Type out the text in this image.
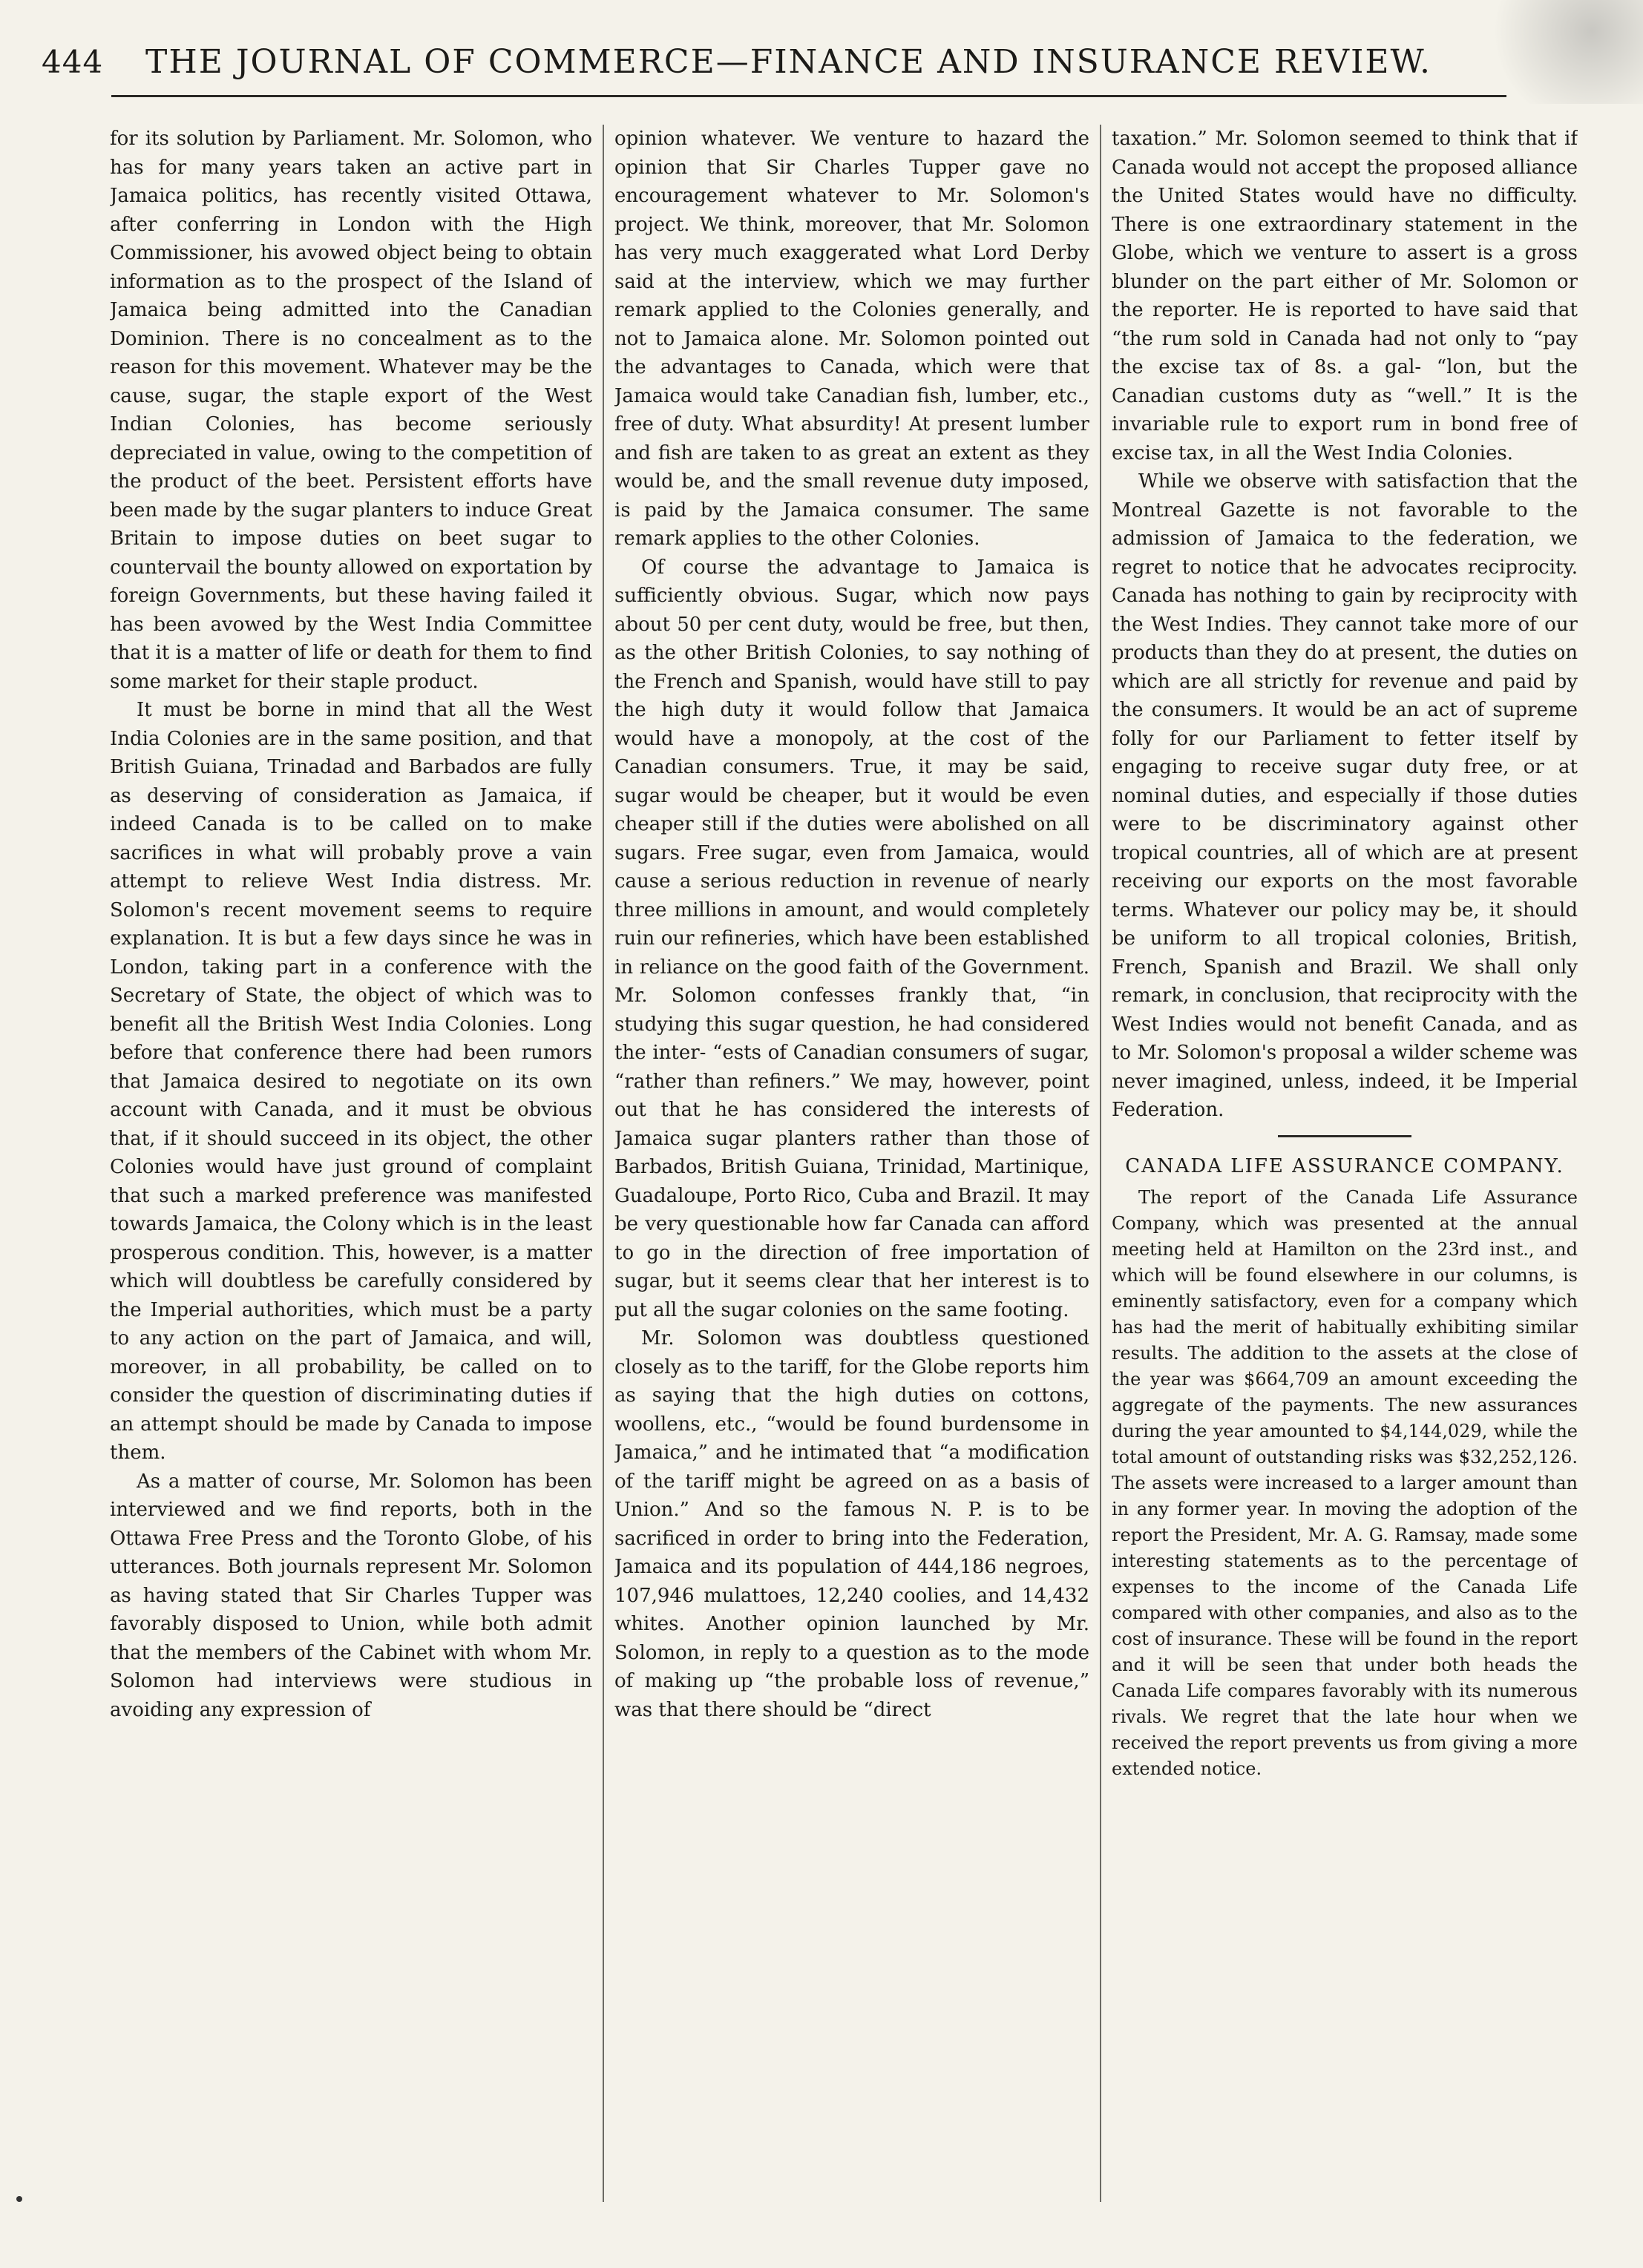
444	THE JOURNAL OF COMMERCE—FINANCE AND INSURANCE REVIEW.

for its solution by Parliament. Mr. Solomon, who has for many years taken an active part in Jamaica politics, has recently visited Ottawa, after conferring in London with the High Commissioner, his avowed object being to obtain information as to the prospect of the Island of Jamaica being admitted into the Canadian Dominion. There is no concealment as to the reason for this movement. Whatever may be the cause, sugar, the staple export of the West Indian Colonies, has become seriously depreciated in value, owing to the competition of the product of the beet. Persistent efforts have been made by the sugar planters to induce Great Britain to impose duties on beet sugar to countervail the bounty allowed on exportation by foreign Governments, but these having failed it has been avowed by the West India Committee that it is a matter of life or death for them to find some market for their staple product.

It must be borne in mind that all the West India Colonies are in the same position, and that British Guiana, Trinadad and Barbados are fully as deserving of consideration as Jamaica, if indeed Canada is to be called on to make sacrifices in what will probably prove a vain attempt to relieve West India distress. Mr. Solomon's recent movement seems to require explanation. It is but a few days since he was in London, taking part in a conference with the Secretary of State, the object of which was to benefit all the British West India Colonies. Long before that conference there had been rumors that Jamaica desired to negotiate on its own account with Canada, and it must be obvious that, if it should succeed in its object, the other Colonies would have just ground of complaint that such a marked preference was manifested towards Jamaica, the Colony which is in the least prosperous condition. This, however, is a matter which will doubtless be carefully considered by the Imperial authorities, which must be a party to any action on the part of Jamaica, and will, moreover, in all probability, be called on to consider the question of discriminating duties if an attempt should be made by Canada to impose them.

As a matter of course, Mr. Solomon has been interviewed and we find reports, both in the Ottawa Free Press and the Toronto Globe, of his utterances. Both journals represent Mr. Solomon as having stated that Sir Charles Tupper was favorably disposed to Union, while both admit that the members of the Cabinet with whom Mr. Solomon had interviews were studious in avoiding any expression of

opinion whatever. We venture to hazard the opinion that Sir Charles Tupper gave no encouragement whatever to Mr. Solomon's project. We think, moreover, that Mr. Solomon has very much exaggerated what Lord Derby said at the interview, which we may further remark applied to the Colonies generally, and not to Jamaica alone. Mr. Solomon pointed out the advantages to Canada, which were that Jamaica would take Canadian fish, lumber, etc., free of duty. What absurdity! At present lumber and fish are taken to as great an extent as they would be, and the small revenue duty imposed, is paid by the Jamaica consumer. The same remark applies to the other Colonies.

Of course the advantage to Jamaica is sufficiently obvious. Sugar, which now pays about 50 per cent duty, would be free, but then, as the other British Colonies, to say nothing of the French and Spanish, would have still to pay the high duty it would follow that Jamaica would have a monopoly, at the cost of the Canadian consumers. True, it may be said, sugar would be cheaper, but it would be even cheaper still if the duties were abolished on all sugars. Free sugar, even from Jamaica, would cause a serious reduction in revenue of nearly three millions in amount, and would completely ruin our refineries, which have been established in reliance on the good faith of the Government. Mr. Solomon confesses frankly that, “in studying this sugar question, he had considered the inter- “ests of Canadian consumers of sugar, “rather than refiners.” We may, however, point out that he has considered the interests of Jamaica sugar planters rather than those of Barbados, British Guiana, Trinidad, Martinique, Guadaloupe, Porto Rico, Cuba and Brazil. It may be very questionable how far Canada can afford to go in the direction of free importation of sugar, but it seems clear that her interest is to put all the sugar colonies on the same footing.

Mr. Solomon was doubtless questioned closely as to the tariff, for the Globe reports him as saying that the high duties on cottons, woollens, etc., “would be found burdensome in Jamaica,” and he intimated that “a modification of the tariff might be agreed on as a basis of Union.” And so the famous N. P. is to be sacrificed in order to bring into the Federation, Jamaica and its population of 444,186 negroes, 107,946 mulattoes, 12,240 coolies, and 14,432 whites. Another opinion launched by Mr. Solomon, in reply to a question as to the mode of making up “the probable loss of revenue,” was that there should be “direct

taxation.” Mr. Solomon seemed to think that if Canada would not accept the proposed alliance the United States would have no difficulty. There is one extraordinary statement in the Globe, which we venture to assert is a gross blunder on the part either of Mr. Solomon or the reporter. He is reported to have said that “the rum sold in Canada had not only to “pay the excise tax of 8s. a gal- “lon, but the Canadian customs duty as “well.” It is the invariable rule to export rum in bond free of excise tax, in all the West India Colonies.

While we observe with satisfaction that the Montreal Gazette is not favorable to the admission of Jamaica to the federation, we regret to notice that he advocates reciprocity. Canada has nothing to gain by reciprocity with the West Indies. They cannot take more of our products than they do at present, the duties on which are all strictly for revenue and paid by the consumers. It would be an act of supreme folly for our Parliament to fetter itself by engaging to receive sugar duty free, or at nominal duties, and especially if those duties were to be discriminatory against other tropical countries, all of which are at present receiving our exports on the most favorable terms. Whatever our policy may be, it should be uniform to all tropical colonies, British, French, Spanish and Brazil. We shall only remark, in conclusion, that reciprocity with the West Indies would not benefit Canada, and as to Mr. Solomon's proposal a wilder scheme was never imagined, unless, indeed, it be Imperial Federation.

CANADA LIFE ASSURANCE COMPANY.

The report of the Canada Life Assurance Company, which was presented at the annual meeting held at Hamilton on the 23rd inst., and which will be found elsewhere in our columns, is eminently satisfactory, even for a company which has had the merit of habitually exhibiting similar results. The addition to the assets at the close of the year was $664,709 an amount exceeding the aggregate of the payments. The new assurances during the year amounted to $4,144,029, while the total amount of outstanding risks was $32,252,126. The assets were increased to a larger amount than in any former year. In moving the adoption of the report the President, Mr. A. G. Ramsay, made some interesting statements as to the percentage of expenses to the income of the Canada Life compared with other companies, and also as to the cost of insurance. These will be found in the report and it will be seen that under both heads the Canada Life compares favorably with its numerous rivals. We regret that the late hour when we received the report prevents us from giving a more extended notice.
